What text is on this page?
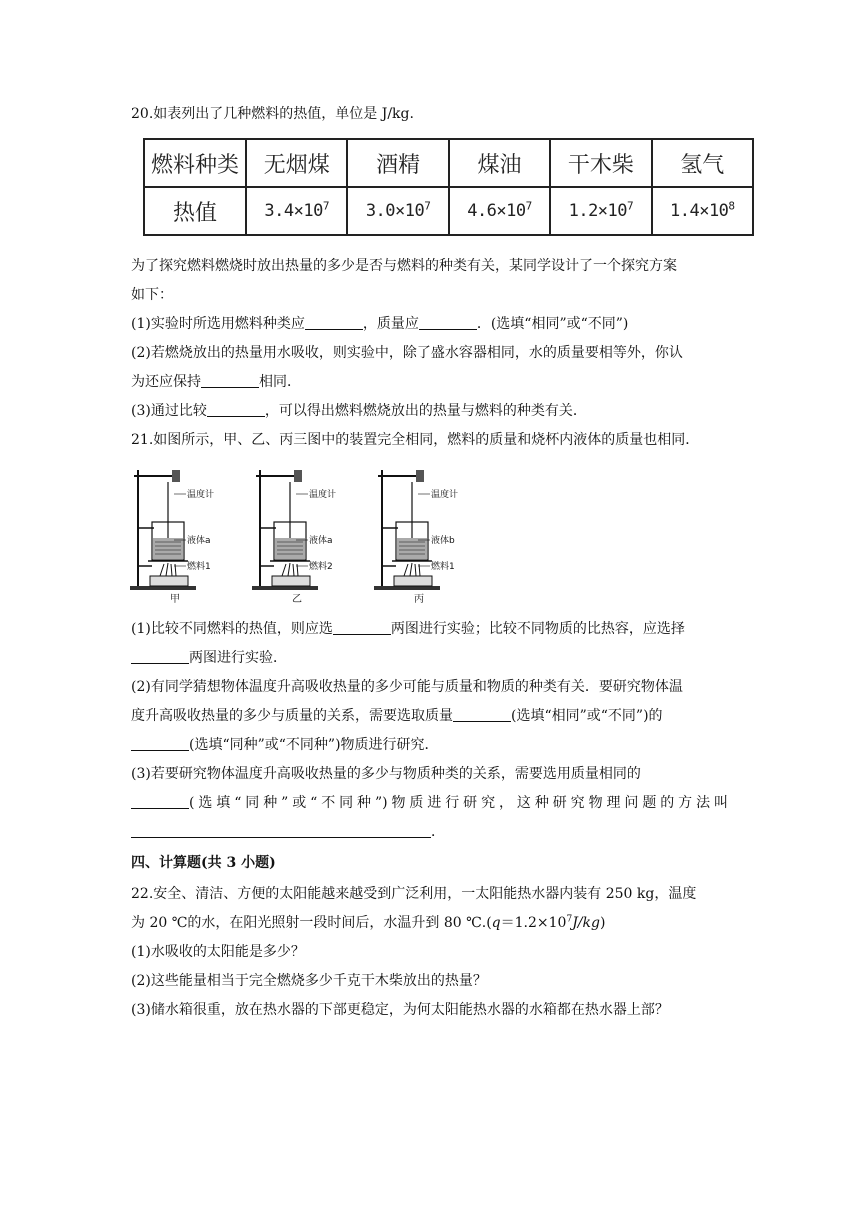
20.如表列出了几种燃料的热值，单位是 J/kg.
燃料种类	无烟煤	酒精	煤油	干木柴	氢气
热值	$3.4\times 10^7$	$3.0\times 10^7$	$4.6\times 10^7$	$1.2\times 10^7$	$1.4\times 10^8$
为了探究燃料燃烧时放出热量的多少是否与燃料的种类有关，某同学设计了一个探究方案
如下：
(1)实验时所选用燃料种类应	，质量应	．(选填“相同”或“不同”)
(2)若燃烧放出的热量用水吸收，则实验中，除了盛水容器相同，水的质量要相等外，你认
为还应保持	相同．
(3)通过比较	，可以得出燃料燃烧放出的热量与燃料的种类有关．
21.如图所示，甲、乙、丙三图中的装置完全相同，燃料的质量和烧杯内液体的质量也相同．
温度计
液体a
燃料1
甲
温度计
液体a
燃料2
乙
温度计
液体b
燃料1
丙
(1)比较不同燃料的热值，则应选	两图进行实验；比较不同物质的比热容，应选择
两图进行实验．
(2)有同学猜想物体温度升高吸收热量的多少可能与质量和物质的种类有关．要研究物体温
度升高吸收热量的多少与质量的关系，需要选取质量	(选填“相同”或“不同”)的
(选填“同种”或“不同种”)物质进行研究．
(3)若要研究物体温度升高吸收热量的多少与物质种类的关系，需要选用质量相同的
(选填“同种”或“不同种”)物质进行研究，这种研究物理问题的方法叫
．
四、计算题(共 3 小题)
22.安全、清洁、方便的太阳能越来越受到广泛利用，一太阳能热水器内装有 250 kg，温度
为 20 ℃的水，在阳光照射一段时间后，水温升到 80 $℃.(q=1.2\times 10^7J/kg)$
(1)水吸收的太阳能是多少？
(2)这些能量相当于完全燃烧多少千克干木柴放出的热量？
(3)储水箱很重，放在热水器的下部更稳定，为何太阳能热水器的水箱都在热水器上部？
